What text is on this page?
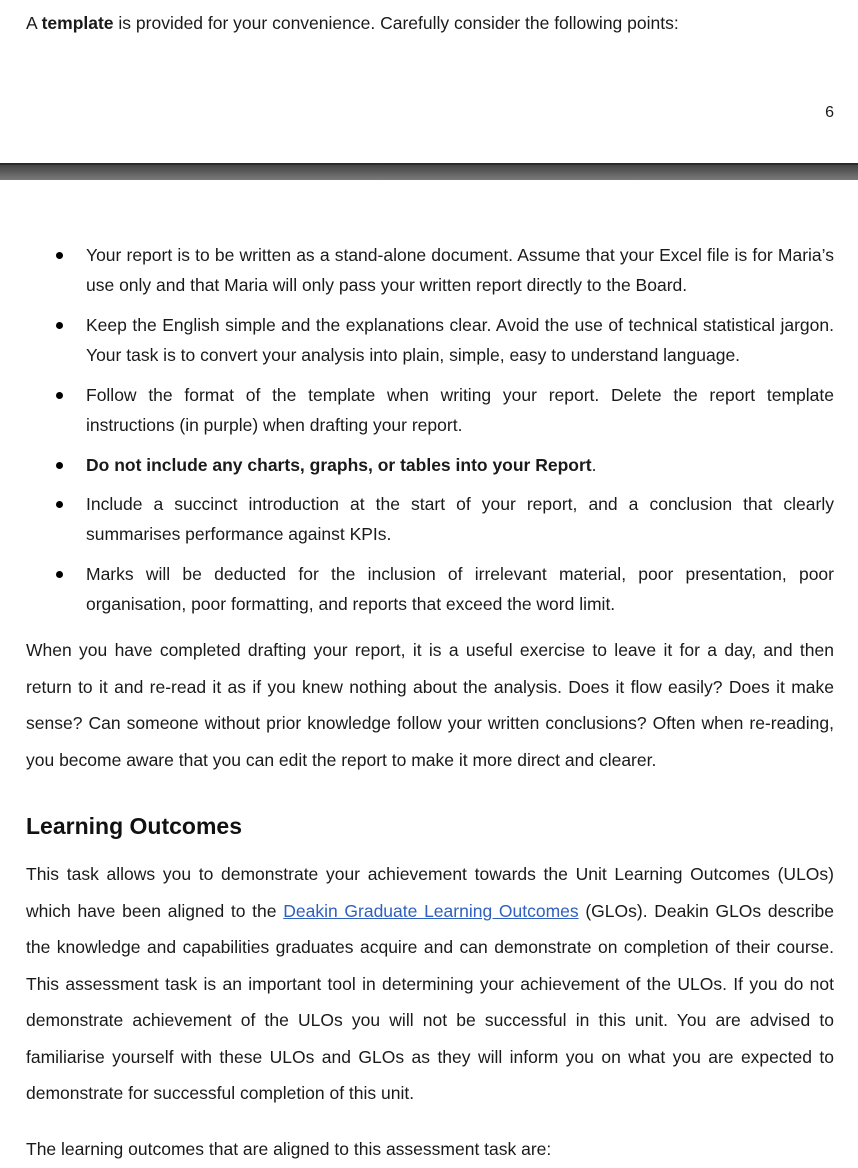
A template is provided for your convenience. Carefully consider the following points:
6
Your report is to be written as a stand-alone document. Assume that your Excel file is for Maria’s use only and that Maria will only pass your written report directly to the Board.
Keep the English simple and the explanations clear. Avoid the use of technical statistical jargon. Your task is to convert your analysis into plain, simple, easy to understand language.
Follow the format of the template when writing your report. Delete the report template instructions (in purple) when drafting your report.
Do not include any charts, graphs, or tables into your Report.
Include a succinct introduction at the start of your report, and a conclusion that clearly summarises performance against KPIs.
Marks will be deducted for the inclusion of irrelevant material, poor presentation, poor organisation, poor formatting, and reports that exceed the word limit.

When you have completed drafting your report, it is a useful exercise to leave it for a day, and then return to it and re-read it as if you knew nothing about the analysis. Does it flow easily? Does it make sense? Can someone without prior knowledge follow your written conclusions? Often when re-reading, you become aware that you can edit the report to make it more direct and clearer.

Learning Outcomes

This task allows you to demonstrate your achievement towards the Unit Learning Outcomes (ULOs) which have been aligned to the Deakin Graduate Learning Outcomes (GLOs). Deakin GLOs describe the knowledge and capabilities graduates acquire and can demonstrate on completion of their course. This assessment task is an important tool in determining your achievement of the ULOs. If you do not demonstrate achievement of the ULOs you will not be successful in this unit. You are advised to familiarise yourself with these ULOs and GLOs as they will inform you on what you are expected to demonstrate for successful completion of this unit.

The learning outcomes that are aligned to this assessment task are:
